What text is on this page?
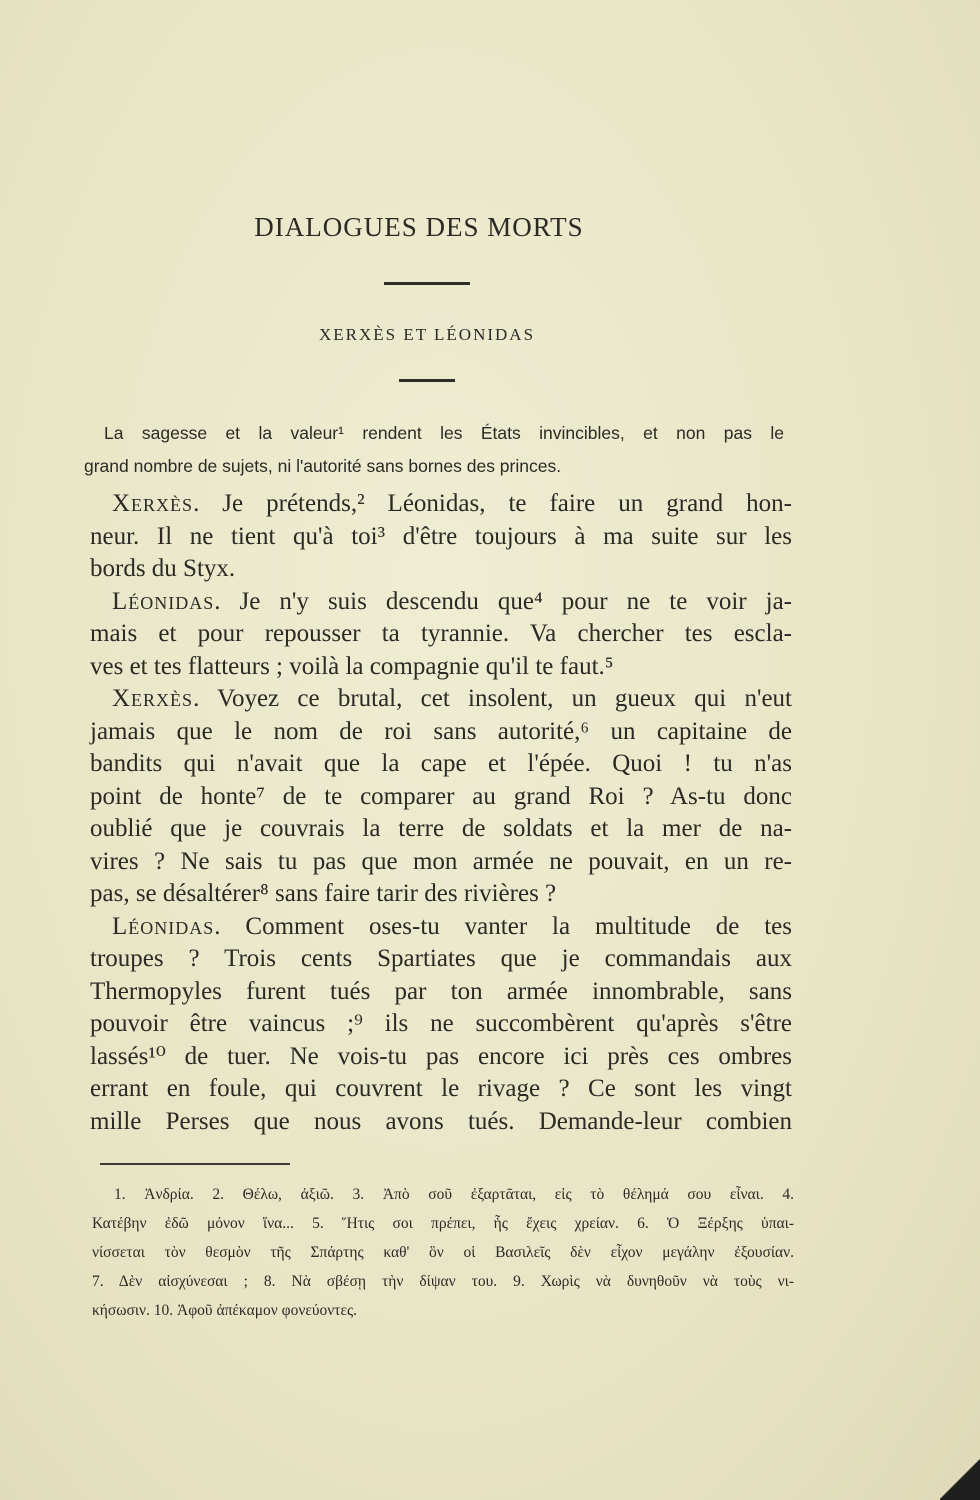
DIALOGUES DES MORTS
XERXÈS ET LÉONIDAS

La sagesse et la valeur¹ rendent les États invincibles, et non pas le
grand nombre de sujets, ni l'autorité sans bornes des princes.

Xerxès. Je prétends,² Léonidas, te faire un grand hon-
neur. Il ne tient qu'à toi³ d'être toujours à ma suite sur les
bords du Styx.
Léonidas. Je n'y suis descendu que⁴ pour ne te voir ja-
mais et pour repousser ta tyrannie. Va chercher tes escla-
ves et tes flatteurs ; voilà la compagnie qu'il te faut.⁵
Xerxès. Voyez ce brutal, cet insolent, un gueux qui n'eut
jamais que le nom de roi sans autorité,⁶ un capitaine de
bandits qui n'avait que la cape et l'épée. Quoi ! tu n'as
point de honte⁷ de te comparer au grand Roi ? As-tu donc
oublié que je couvrais la terre de soldats et la mer de na-
vires ? Ne sais tu pas que mon armée ne pouvait, en un re-
pas, se désaltérer⁸ sans faire tarir des rivières ?
Léonidas. Comment oses-tu vanter la multitude de tes
troupes ? Trois cents Spartiates que je commandais aux
Thermopyles furent tués par ton armée innombrable, sans
pouvoir être vaincus ;⁹ ils ne succombèrent qu'après s'être
lassés¹⁰ de tuer. Ne vois-tu pas encore ici près ces ombres
errant en foule, qui couvrent le rivage ? Ce sont les vingt
mille Perses que nous avons tués. Demande-leur combien
1. Ἀνδρία. 2. Θέλω, ἀξιῶ. 3. Ἀπὸ σοῦ ἐξαρτᾶται, εἰς τὸ θέλημά σου εἶναι. 4.
Κατέβην ἐδῶ μόνον ἵνα... 5. Ἥτις σοι πρέπει, ἧς ἔχεις χρείαν. 6. Ὁ Ξέρξης ὑπαι-
νίσσεται τὸν θεσμὸν τῆς Σπάρτης καθ' ὃν οἱ Βασιλεῖς δὲν εἶχον μεγάλην ἐξουσίαν.
7. Δὲν αἰσχύνεσαι ; 8. Νὰ σβέσῃ τὴν δίψαν του. 9. Χωρὶς νὰ δυνηθοῦν νὰ τοὺς νι-
κήσωσιν. 10. Ἀφοῦ ἀπέκαμον φονεύοντες.
